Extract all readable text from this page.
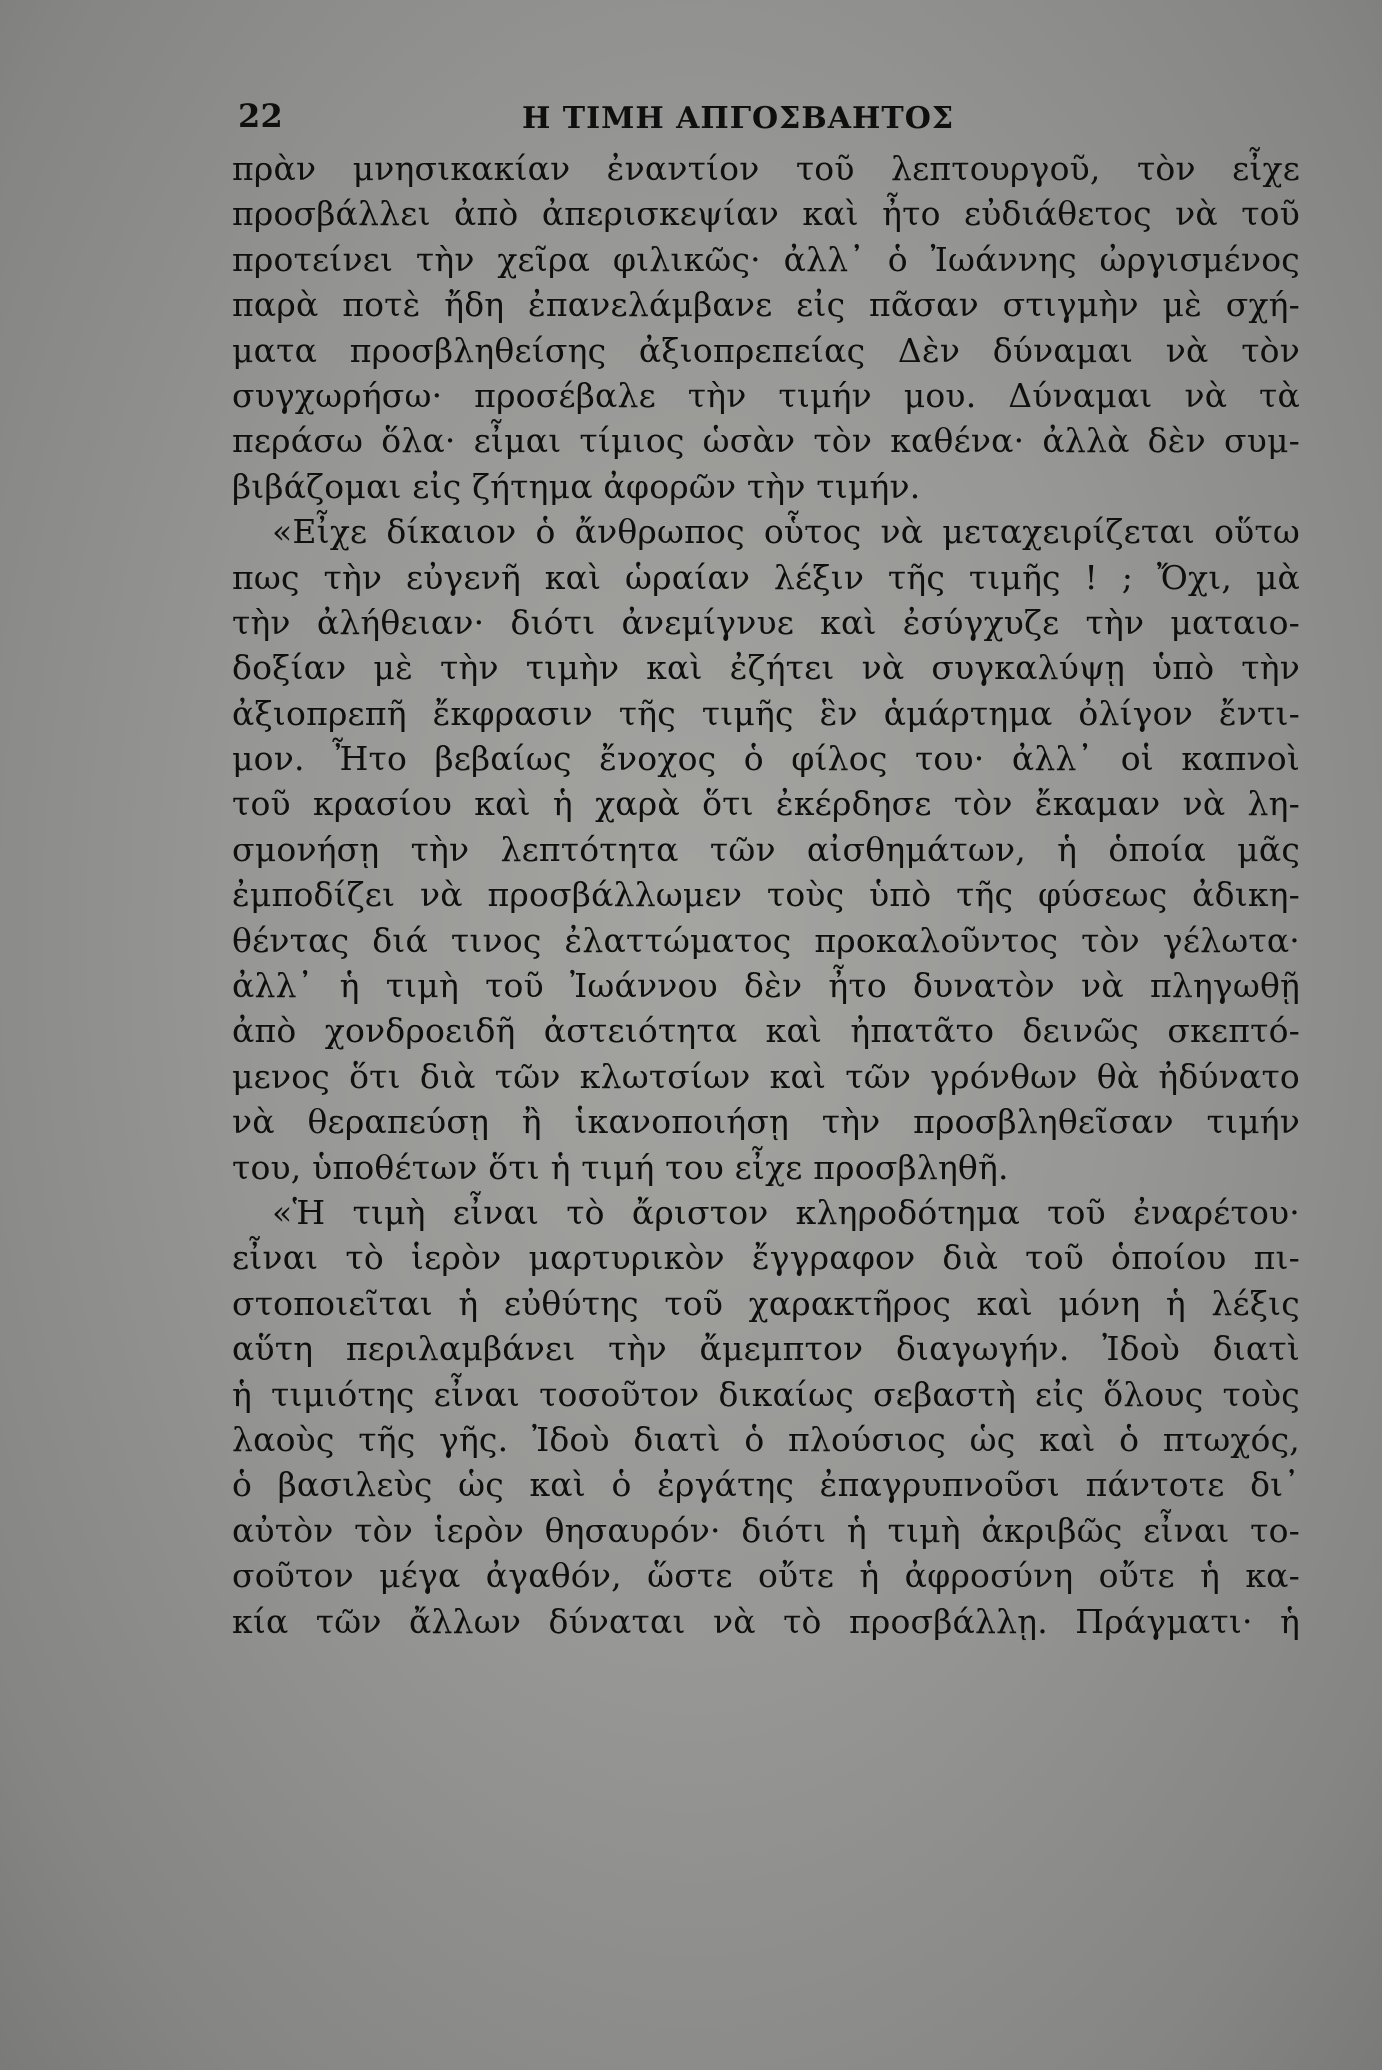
22	Η ΤΙΜΗ ΑΠΓΟΣΒΑΗΤΟΣ
πρὰν μνησικακίαν ἐναντίον τοῦ λεπτουργοῦ, τὸν εἶχε
προσβάλλει ἀπὸ ἀπερισκεψίαν καὶ ἦτο εὐδιάθετος νὰ τοῦ
προτείνει τὴν χεῖρα φιλικῶς· ἀλλ᾽ ὁ Ἰωάννης ὠργισμένος
παρὰ ποτὲ ἤδη ἐπανελάμβανε εἰς πᾶσαν στιγμὴν μὲ σχή-
ματα προσβληθείσης ἀξιοπρεπείας Δὲν δύναμαι νὰ τὸν
συγχωρήσω· προσέβαλε τὴν τιμήν μου. Δύναμαι νὰ τὰ
περάσω ὅλα· εἶμαι τίμιος ὡσὰν τὸν καθένα· ἀλλὰ δὲν συμ-
βιβάζομαι εἰς ζήτημα ἀφορῶν τὴν τιμήν.
«Εἶχε δίκαιον ὁ ἄνθρωπος οὗτος νὰ μεταχειρίζεται οὕτω
πως τὴν εὐγενῆ καὶ ὡραίαν λέξιν τῆς τιμῆς ! ; Ὄχι, μὰ
τὴν ἀλήθειαν· διότι ἀνεμίγνυε καὶ ἐσύγχυζε τὴν ματαιο-
δοξίαν μὲ τὴν τιμὴν καὶ ἐζήτει νὰ συγκαλύψῃ ὑπὸ τὴν
ἀξιοπρεπῆ ἔκφρασιν τῆς τιμῆς ἓν ἁμάρτημα ὀλίγον ἔντι-
μον. Ἦτο βεβαίως ἔνοχος ὁ φίλος του· ἀλλ᾽ οἱ καπνοὶ
τοῦ κρασίου καὶ ἡ χαρὰ ὅτι ἐκέρδησε τὸν ἔκαμαν νὰ λη-
σμονήσῃ τὴν λεπτότητα τῶν αἰσθημάτων, ἡ ὁποία μᾶς
ἐμποδίζει νὰ προσβάλλωμεν τοὺς ὑπὸ τῆς φύσεως ἀδικη-
θέντας διά τινος ἐλαττώματος προκαλοῦντος τὸν γέλωτα·
ἀλλ᾽ ἡ τιμὴ τοῦ Ἰωάννου δὲν ἦτο δυνατὸν νὰ πληγωθῇ
ἀπὸ χονδροειδῆ ἀστειότητα καὶ ἠπατᾶτο δεινῶς σκεπτό-
μενος ὅτι διὰ τῶν κλωτσίων καὶ τῶν γρόνθων θὰ ἠδύνατο
νὰ θεραπεύσῃ ἢ ἱκανοποιήσῃ τὴν προσβληθεῖσαν τιμήν
του, ὑποθέτων ὅτι ἡ τιμή του εἶχε προσβληθῆ.
«Ἡ τιμὴ εἶναι τὸ ἄριστον κληροδότημα τοῦ ἐναρέτου·
εἶναι τὸ ἱερὸν μαρτυρικὸν ἔγγραφον διὰ τοῦ ὁποίου πι-
στοποιεῖται ἡ εὐθύτης τοῦ χαρακτῆρος καὶ μόνη ἡ λέξις
αὕτη περιλαμβάνει τὴν ἄμεμπτον διαγωγήν. Ἰδοὺ διατὶ
ἡ τιμιότης εἶναι τοσοῦτον δικαίως σεβαστὴ εἰς ὅλους τοὺς
λαοὺς τῆς γῆς. Ἰδοὺ διατὶ ὁ πλούσιος ὡς καὶ ὁ πτωχός,
ὁ βασιλεὺς ὡς καὶ ὁ ἐργάτης ἐπαγρυπνοῦσι πάντοτε δι᾽
αὐτὸν τὸν ἱερὸν θησαυρόν· διότι ἡ τιμὴ ἀκριβῶς εἶναι το-
σοῦτον μέγα ἀγαθόν, ὥστε οὔτε ἡ ἀφροσύνη οὔτε ἡ κα-
κία τῶν ἄλλων δύναται νὰ τὸ προσβάλλῃ. Πράγματι· ἡ
